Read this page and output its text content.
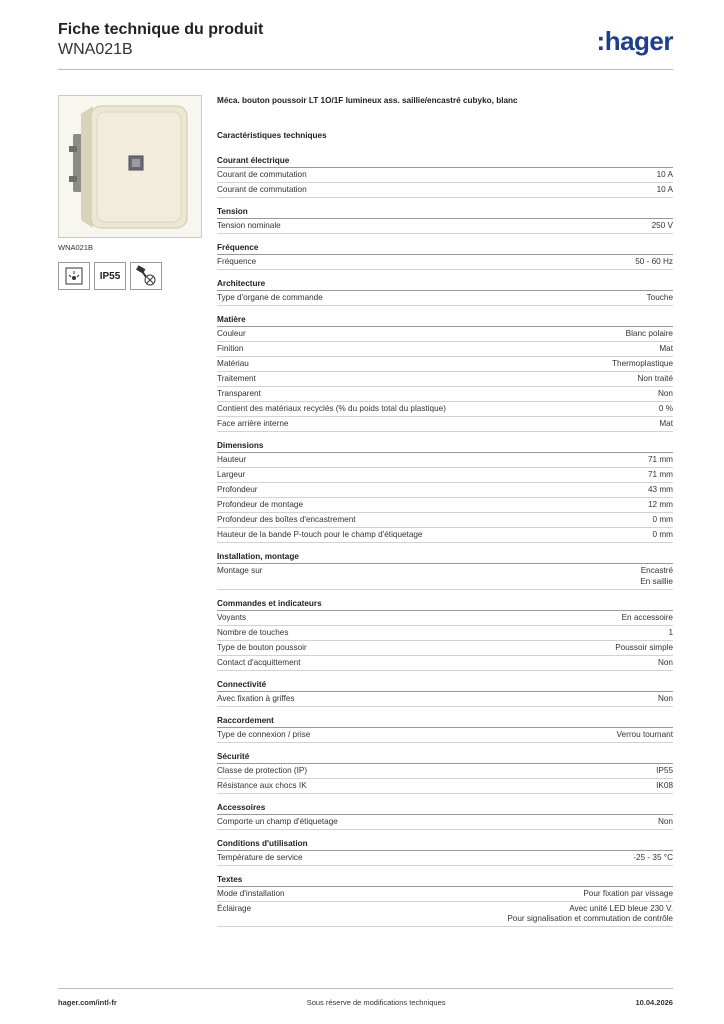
Fiche technique du produit
WNA021B	:hager
WNA021B
IP55
Méca. bouton poussoir LT 1O/1F lumineux ass. saillie/encastré cubyko, blanc
Caractéristiques techniques
Courant électrique
Courant de commutation	10 A
Courant de commutation	10 A
Tension
Tension nominale	250 V
Fréquence
Fréquence	50 - 60 Hz
Architecture
Type d'organe de commande	Touche
Matière
Couleur	Blanc polaire
Finition	Mat
Matériau	Thermoplastique
Traitement	Non traité
Transparent	Non
Contient des matériaux recyclés (% du poids total du plastique)	0 %
Face arrière interne	Mat
Dimensions
Hauteur	71 mm
Largeur	71 mm
Profondeur	43 mm
Profondeur de montage	12 mm
Profondeur des boîtes d'encastrement	0 mm
Hauteur de la bande P-touch pour le champ d'étiquetage	0 mm
Installation, montage
Montage sur	Encastré
En saillie
Commandes et indicateurs
Voyants	En accessoire
Nombre de touches	1
Type de bouton poussoir	Poussoir simple
Contact d'acquittement	Non
Connectivité
Avec fixation à griffes	Non
Raccordement
Type de connexion / prise	Verrou tournant
Sécurité
Classe de protection (IP)	IP55
Résistance aux chocs IK	IK08
Accessoires
Comporte un champ d'étiquetage	Non
Conditions d'utilisation
Température de service	-25 - 35 °C
Textes
Mode d'installation	Pour fixation par vissage
Éclairage	Avec unité LED bleue 230 V.
Pour signalisation et commutation de contrôle
hager.com/intl-fr	Sous réserve de modifications techniques	10.04.2026
